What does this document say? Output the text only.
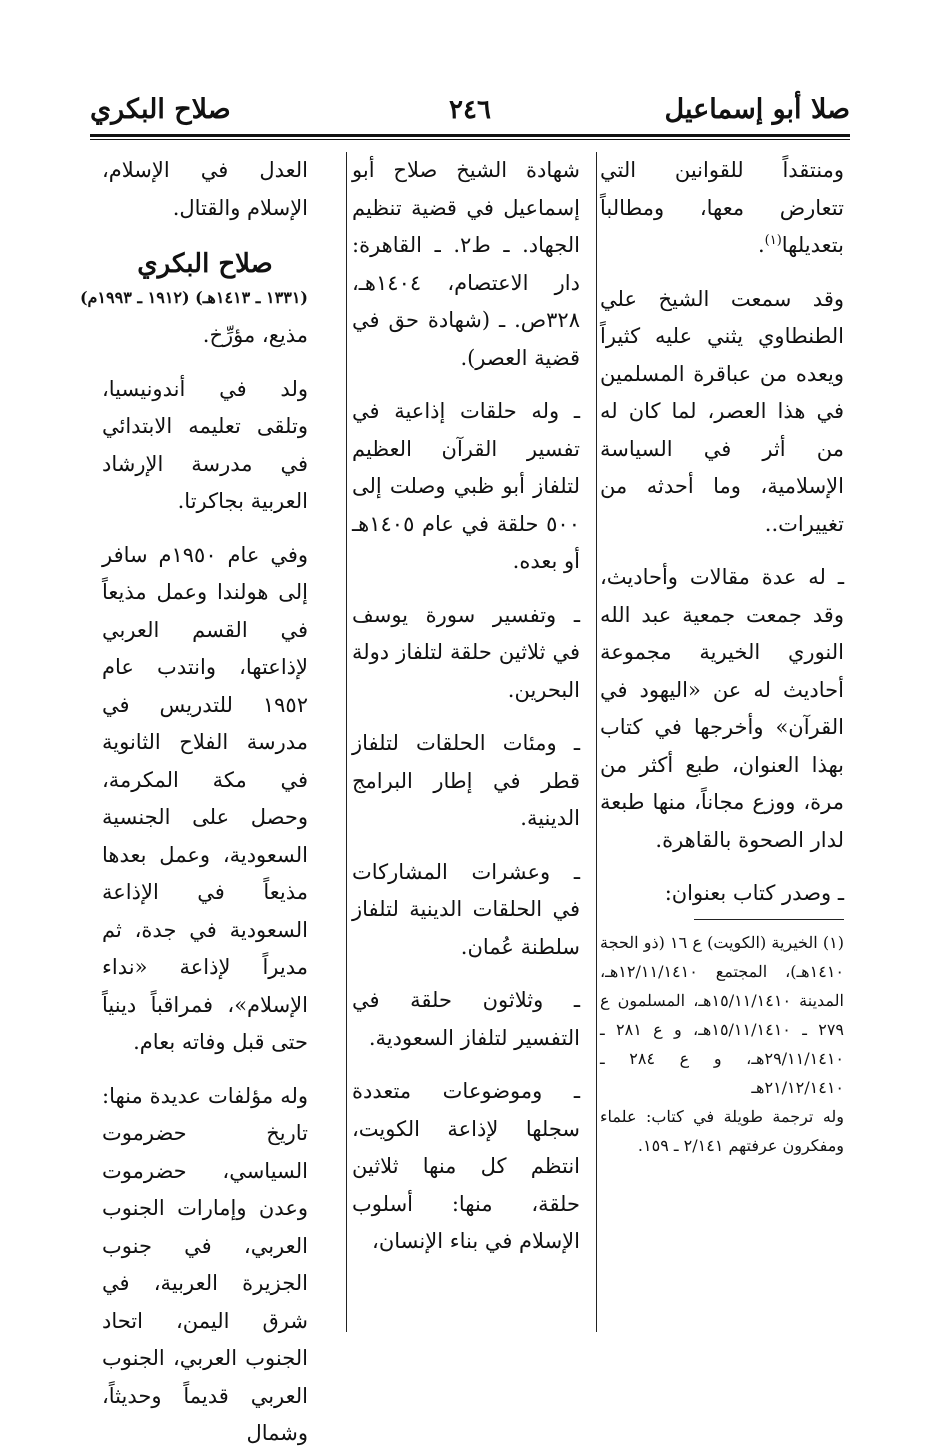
صلا أبو إسماعيل
٢٤٦
صلاح البكري

ومنتقداً للقوانين التي تتعارض معها، ومطالباً بتعديلها$^{(١)}$.

وقد سمعت الشيخ علي الطنطاوي يثني عليه كثيراً ويعده من عباقرة المسلمين في هذا العصر، لما كان له من أثر في السياسة الإسلامية، وما أحدثه من تغييرات..

ـ له عدة مقالات وأحاديث، وقد جمعت جمعية عبد الله النوري الخيرية مجموعة أحاديث له عن «اليهود في القرآن» وأخرجها في كتاب بهذا العنوان، طبع أكثر من مرة، ووزع مجاناً، منها طبعة لدار الصحوة بالقاهرة.

ـ وصدر كتاب بعنوان:

(١) الخيرية (الكويت) ع ١٦ (ذو الحجة ١٤١٠هـ)، المجتمع ١٢/١١/١٤١٠هـ، المدينة ١٥/١١/١٤١٠هـ، المسلمون ع ٢٧٩ ـ ١٥/١١/١٤١٠هـ، و ع ٢٨١ ـ ٢٩/١١/١٤١٠هـ، و ع ٢٨٤ ـ ٢١/١٢/١٤١٠هـ
وله ترجمة طويلة في كتاب: علماء ومفكرون عرفتهم ٢/١٤١ ـ ١٥٩.

شهادة الشيخ صلاح أبو إسماعيل في قضية تنظيم الجهاد. ـ ط٢. ـ القاهرة: دار الاعتصام، ١٤٠٤هـ، ٣٢٨ص. ـ (شهادة حق في قضية العصر).

ـ وله حلقات إذاعية في تفسير القرآن العظيم لتلفاز أبو ظبي وصلت إلى ٥٠٠ حلقة في عام ١٤٠٥هـ أو بعده.

ـ وتفسير سورة يوسف في ثلاثين حلقة لتلفاز دولة البحرين.

ـ ومئات الحلقات لتلفاز قطر في إطار البرامج الدينية.

ـ وعشرات المشاركات في الحلقات الدينية لتلفاز سلطنة عُمان.

ـ وثلاثون حلقة في التفسير لتلفاز السعودية.

ـ وموضوعات متعددة سجلها لإذاعة الكويت، انتظم كل منها ثلاثين حلقة، منها: أسلوب الإسلام في بناء الإنسان،

العدل في الإسلام، الإسلام والقتال.

صلاح البكري
(١٣٣١ ـ ١٤١٣هـ) (١٩١٢ ـ ١٩٩٣م)

مذيع، مؤرِّخ.

ولد في أندونيسيا، وتلقى تعليمه الابتدائي في مدرسة الإرشاد العربية بجاكرتا.

وفي عام ١٩٥٠م سافر إلى هولندا وعمل مذيعاً في القسم العربي لإذاعتها، وانتدب عام ١٩٥٢ للتدريس في مدرسة الفلاح الثانوية في مكة المكرمة، وحصل على الجنسية السعودية، وعمل بعدها مذيعاً في الإذاعة السعودية في جدة، ثم مديراً لإذاعة «نداء الإسلام»، فمراقباً دينياً حتى قبل وفاته بعام.

وله مؤلفات عديدة منها: تاريخ حضرموت السياسي، حضرموت وعدن وإمارات الجنوب العربي، في جنوب الجزيرة العربية، في شرق اليمن، اتحاد الجنوب العربي، الجنوب العربي قديماً وحديثاً، وشمال
